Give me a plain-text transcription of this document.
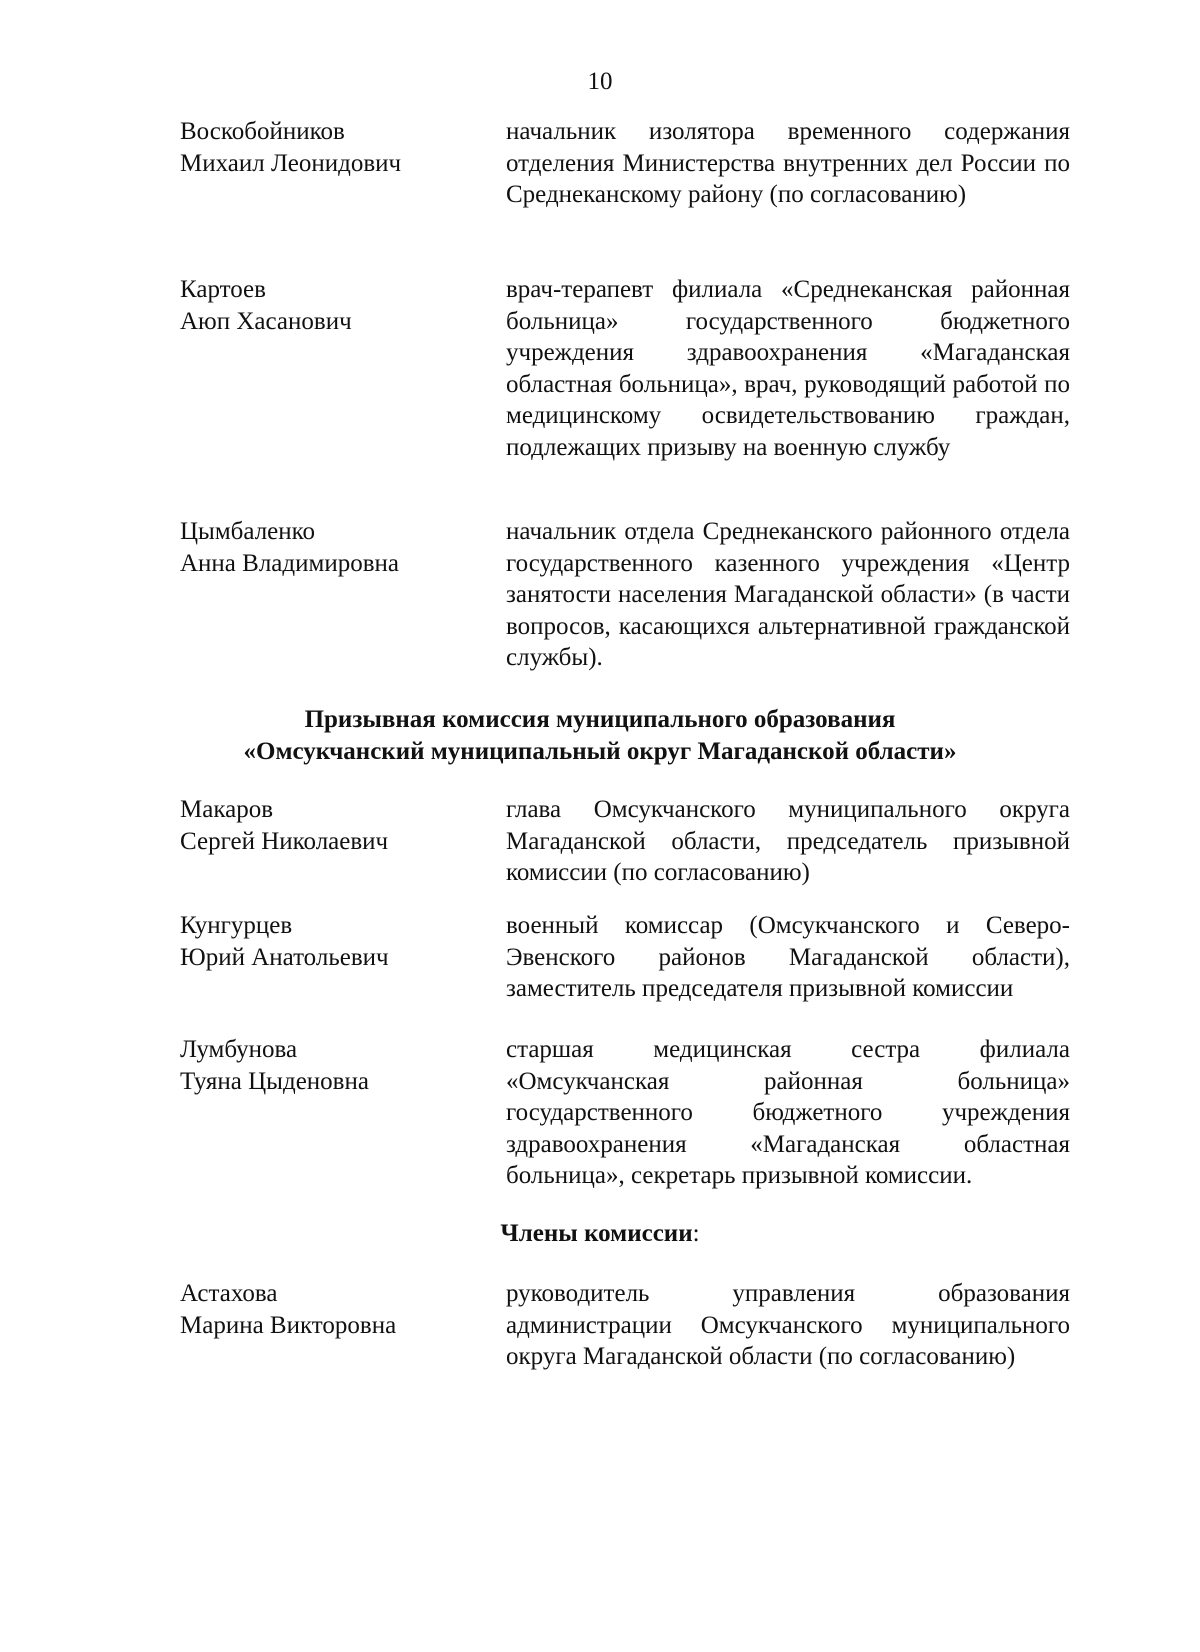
10
Воскобойников
Михаил Леонидович
начальник изолятора временного содержания отделения Министерства внутренних дел России по Среднеканскому району (по согласованию)
Картоев
Аюп Хасанович
врач-терапевт филиала «Среднеканская районная больница» государственного бюджетного учреждения здравоохранения «Магаданская областная больница», врач, руководящий работой по медицинскому освидетельствованию граждан, подлежащих призыву на военную службу
Цымбаленко
Анна Владимировна
начальник отдела Среднеканского районного отдела государственного казенного учреждения «Центр занятости населения Магаданской области» (в части вопросов, касающихся альтернативной гражданской службы).
Призывная комиссия муниципального образования
«Омсукчанский муниципальный округ Магаданской области»
Макаров
Сергей Николаевич
глава Омсукчанского муниципального округа Магаданской области, председатель призывной комиссии (по согласованию)
Кунгурцев
Юрий Анатольевич
военный комиссар (Омсукчанского и Северо-Эвенского районов Магаданской области), заместитель председателя призывной комиссии
Лумбунова
Туяна Цыденовна
старшая медицинская сестра филиала «Омсукчанская районная больница» государственного бюджетного учреждения здравоохранения «Магаданская областная больница», секретарь призывной комиссии.
Члены комиссии:
Астахова
Марина Викторовна
руководитель управления образования администрации Омсукчанского муниципального округа Магаданской области (по согласованию)
